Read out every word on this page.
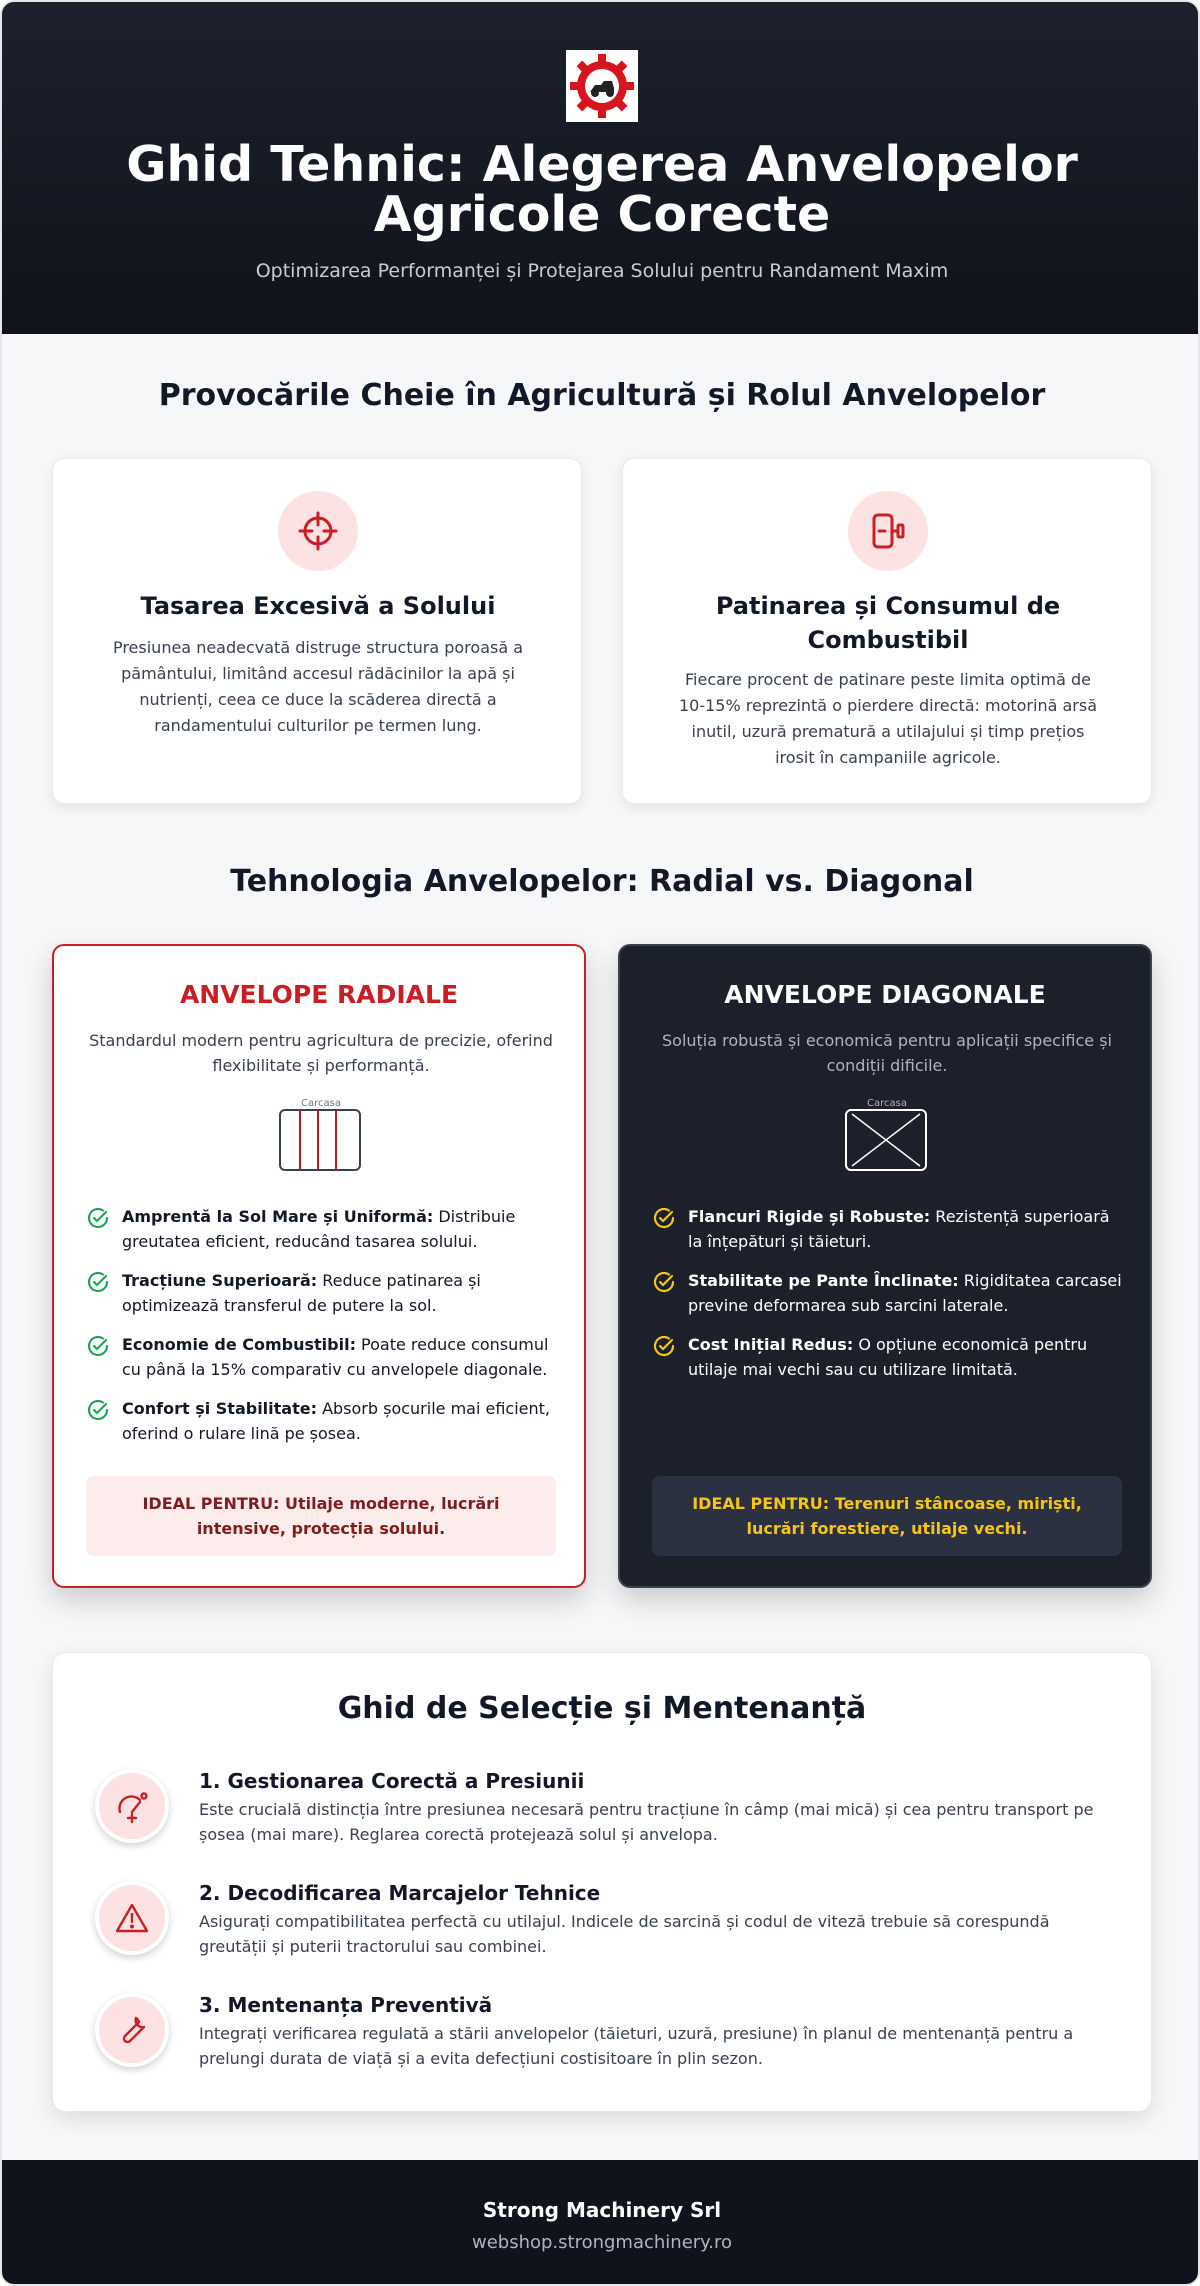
Ghid Tehnic: Alegerea Anvelopelor Agricole Corecte
Optimizarea Performanței și Protejarea Solului pentru Randament Maxim
Provocările Cheie în Agricultură și Rolul Anvelopelor
Tasarea Excesivă a Solului
Presiunea neadecvată distruge structura poroasă a pământului, limitând accesul rădăcinilor la apă și nutrienți, ceea ce duce la scăderea directă a randamentului culturilor pe termen lung.
Patinarea și Consumul de Combustibil
Fiecare procent de patinare peste limita optimă de 10-15% reprezintă o pierdere directă: motorină arsă inutil, uzură prematură a utilajului și timp prețios irosit în campaniile agricole.
Tehnologia Anvelopelor: Radial vs. Diagonal
ANVELOPE RADIALE
Standardul modern pentru agricultura de precizie, oferind flexibilitate și performanță.
Carcasa
Amprentă la Sol Mare și Uniformă: Distribuie greutatea eficient, reducând tasarea solului.
Tracțiune Superioară: Reduce patinarea și optimizează transferul de putere la sol.
Economie de Combustibil: Poate reduce consumul cu până la 15% comparativ cu anvelopele diagonale.
Confort și Stabilitate: Absorb șocurile mai eficient, oferind o rulare lină pe șosea.
IDEAL PENTRU: Utilaje moderne, lucrări intensive, protecția solului.
ANVELOPE DIAGONALE
Soluția robustă și economică pentru aplicații specifice și condiții dificile.
Carcasa
Flancuri Rigide și Robuste: Rezistență superioară la înțepături și tăieturi.
Stabilitate pe Pante Înclinate: Rigiditatea carcasei previne deformarea sub sarcini laterale.
Cost Inițial Redus: O opțiune economică pentru utilaje mai vechi sau cu utilizare limitată.
IDEAL PENTRU: Terenuri stâncoase, miriști, lucrări forestiere, utilaje vechi.
Ghid de Selecție și Mentenanță
1. Gestionarea Corectă a Presiunii
Este crucială distincția între presiunea necesară pentru tracțiune în câmp (mai mică) și cea pentru transport pe șosea (mai mare). Reglarea corectă protejează solul și anvelopa.
2. Decodificarea Marcajelor Tehnice
Asigurați compatibilitatea perfectă cu utilajul. Indicele de sarcină și codul de viteză trebuie să corespundă greutății și puterii tractorului sau combinei.
3. Mentenanța Preventivă
Integrați verificarea regulată a stării anvelopelor (tăieturi, uzură, presiune) în planul de mentenanță pentru a prelungi durata de viață și a evita defecțiuni costisitoare în plin sezon.
Strong Machinery Srl
webshop.strongmachinery.ro
